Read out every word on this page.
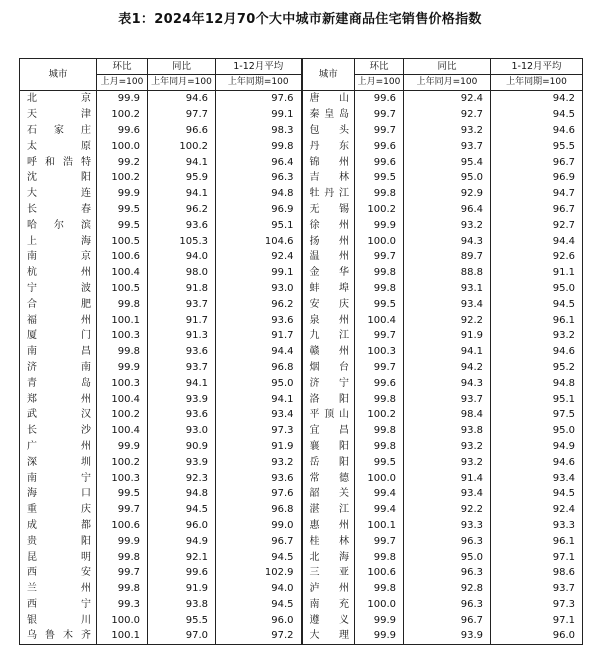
表1：2024年12月70个大中城市新建商品住宅销售价格指数
城市	环比	同比	1-12月平均	城市	环比	同比	1-12月平均
	上月=100	上年同月=100	上年同期=100		上月=100	上年同月=100	上年同期=100
北京	99.9	94.6	97.6	唐山	99.6	92.4	94.2
天津	100.2	97.7	99.1	秦皇岛	99.7	92.7	94.5
石家庄	99.6	96.6	98.3	包头	99.7	93.2	94.6
太原	100.0	100.2	99.8	丹东	99.6	93.7	95.5
呼和浩特	99.2	94.1	96.4	锦州	99.6	95.4	96.7
沈阳	100.2	95.9	96.3	吉林	99.5	95.0	96.9
大连	99.9	94.1	94.8	牡丹江	99.8	92.9	94.7
长春	99.5	96.2	96.9	无锡	100.2	96.4	96.7
哈尔滨	99.5	93.6	95.1	徐州	99.9	93.2	92.7
上海	100.5	105.3	104.6	扬州	100.0	94.3	94.4
南京	100.6	94.0	92.4	温州	99.7	89.7	92.6
杭州	100.4	98.0	99.1	金华	99.8	88.8	91.1
宁波	100.5	91.8	93.0	蚌埠	99.8	93.1	95.0
合肥	99.8	93.7	96.2	安庆	99.5	93.4	94.5
福州	100.1	91.7	93.6	泉州	100.4	92.2	96.1
厦门	100.3	91.3	91.7	九江	99.7	91.9	93.2
南昌	99.8	93.6	94.4	赣州	100.3	94.1	94.6
济南	99.9	93.7	96.8	烟台	99.7	94.2	95.2
青岛	100.3	94.1	95.0	济宁	99.6	94.3	94.8
郑州	100.4	93.9	94.1	洛阳	99.8	93.7	95.1
武汉	100.2	93.6	93.4	平顶山	100.2	98.4	97.5
长沙	100.4	93.0	97.3	宜昌	99.8	93.8	95.0
广州	99.9	90.9	91.9	襄阳	99.8	93.2	94.9
深圳	100.2	93.9	93.2	岳阳	99.5	93.2	94.6
南宁	100.3	92.3	93.6	常德	100.0	91.4	93.4
海口	99.5	94.8	97.6	韶关	99.4	93.4	94.5
重庆	99.7	94.5	96.8	湛江	99.4	92.2	92.4
成都	100.6	96.0	99.0	惠州	100.1	93.3	93.3
贵阳	99.9	94.9	96.7	桂林	99.7	96.3	96.1
昆明	99.8	92.1	94.5	北海	99.8	95.0	97.1
西安	99.7	99.6	102.9	三亚	100.6	96.3	98.6
兰州	99.8	91.9	94.0	泸州	99.8	92.8	93.7
西宁	99.3	93.8	94.5	南充	100.0	96.3	97.3
银川	100.0	95.5	96.0	遵义	99.9	96.7	97.1
乌鲁木齐	100.1	97.0	97.2	大理	99.9	93.9	96.0
